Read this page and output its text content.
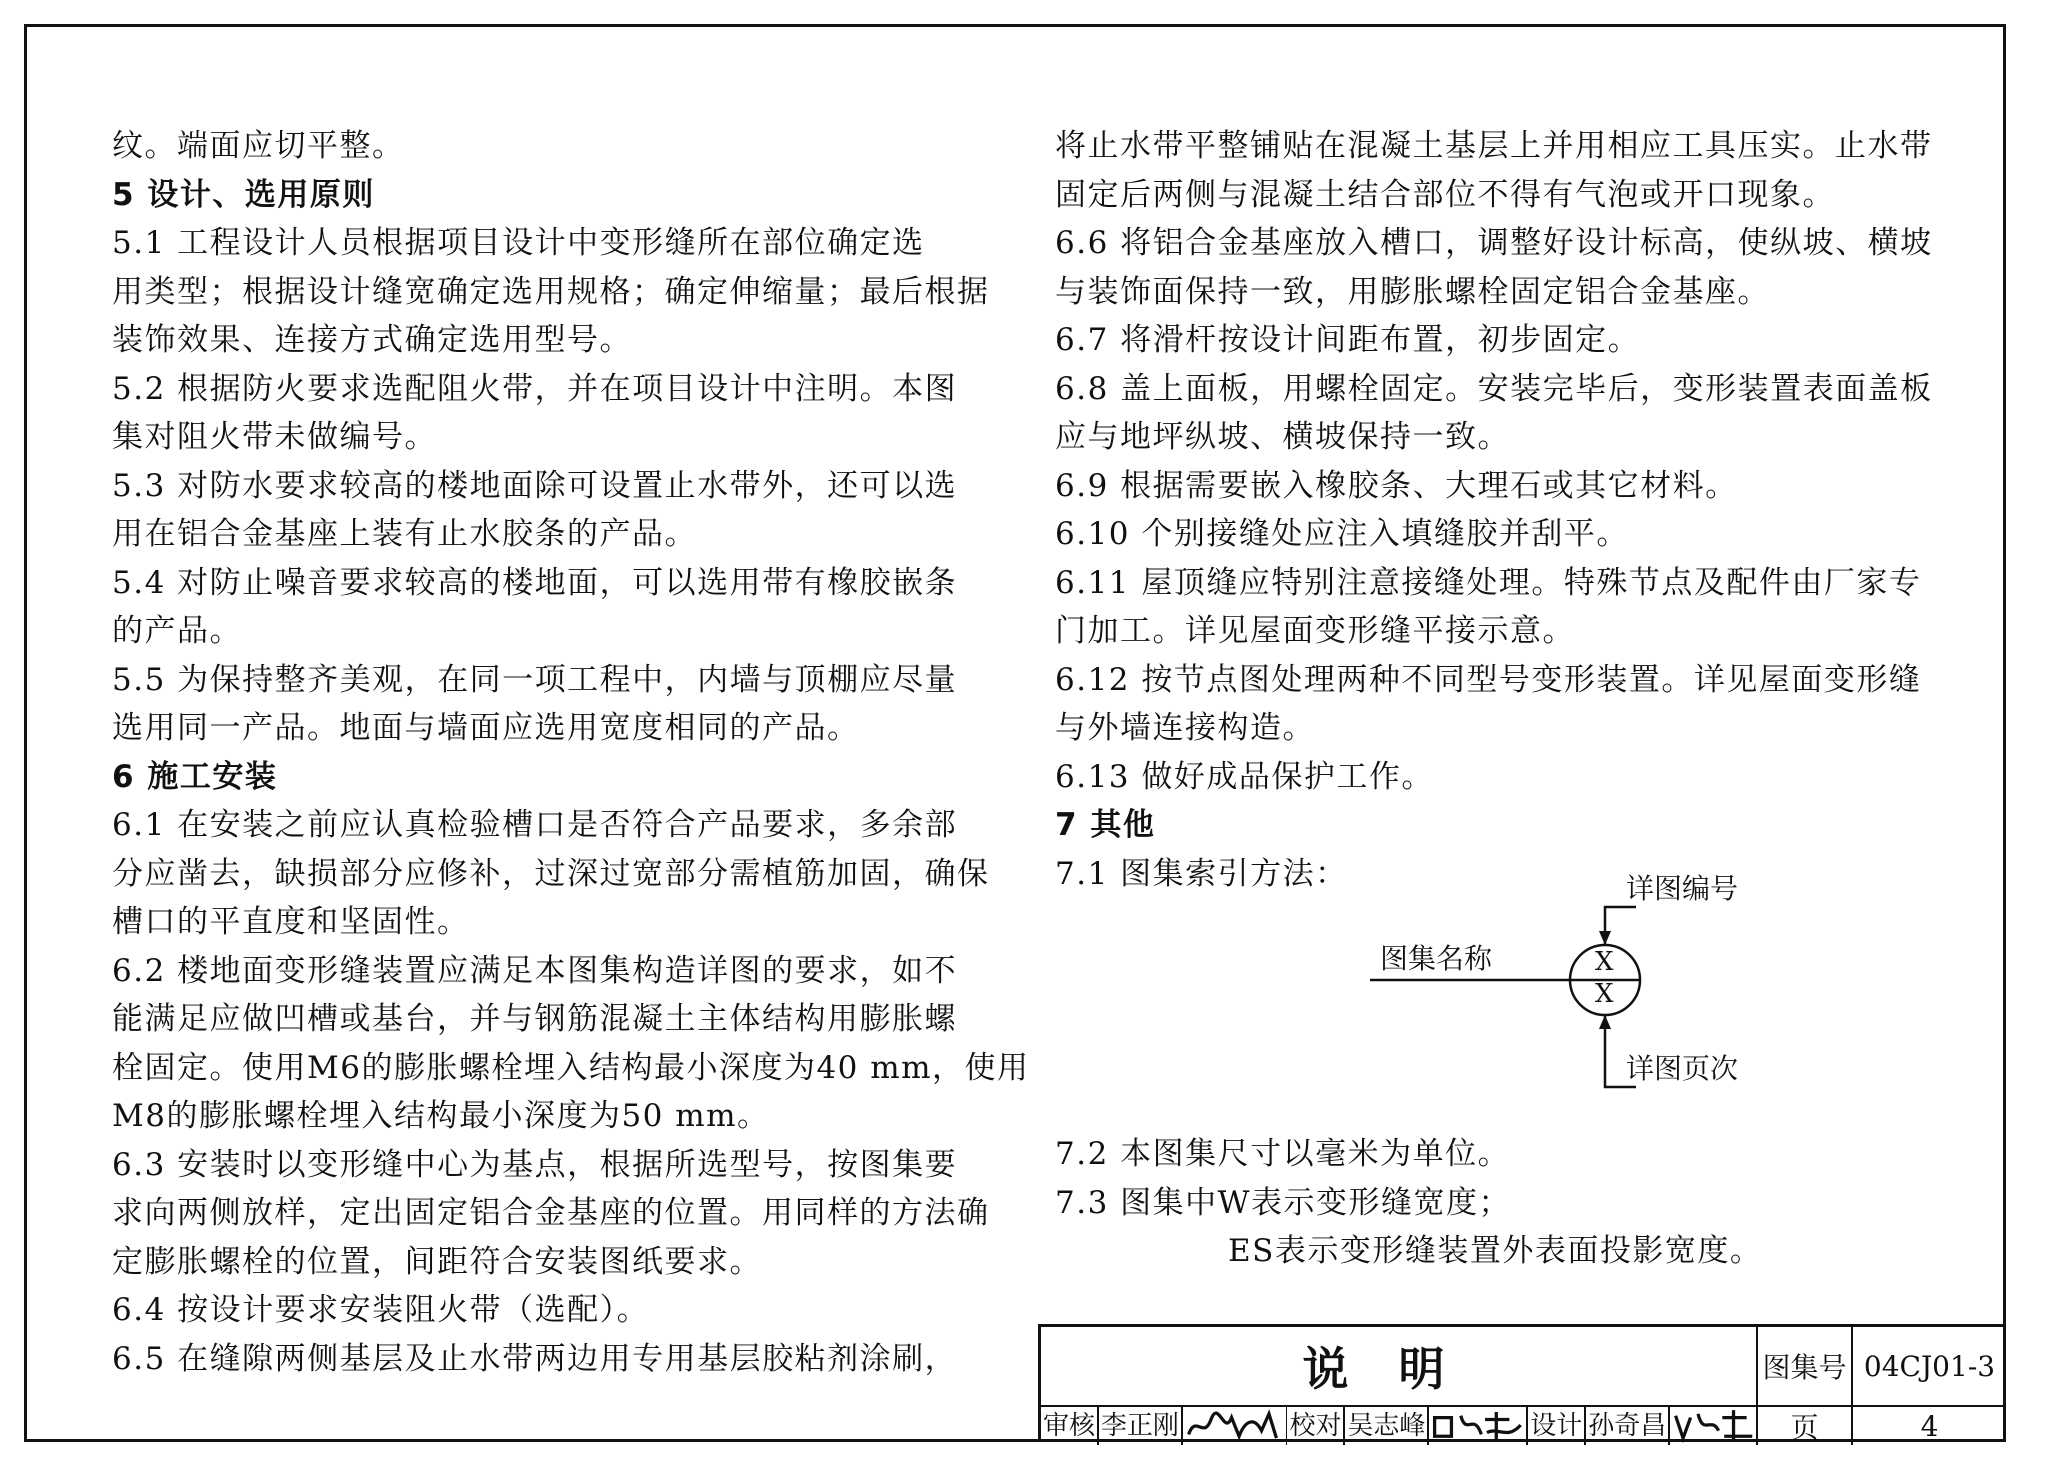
纹。端面应切平整。
5 设计、选用原则
5.1 工程设计人员根据项目设计中变形缝所在部位确定选
用类型；根据设计缝宽确定选用规格；确定伸缩量；最后根据
装饰效果、连接方式确定选用型号。
5.2 根据防火要求选配阻火带，并在项目设计中注明。本图
集对阻火带未做编号。
5.3 对防水要求较高的楼地面除可设置止水带外，还可以选
用在铝合金基座上装有止水胶条的产品。
5.4 对防止噪音要求较高的楼地面，可以选用带有橡胶嵌条
的产品。
5.5 为保持整齐美观，在同一项工程中，内墙与顶棚应尽量
选用同一产品。地面与墙面应选用宽度相同的产品。
6 施工安装
6.1 在安装之前应认真检验槽口是否符合产品要求，多余部
分应凿去，缺损部分应修补，过深过宽部分需植筋加固，确保
槽口的平直度和坚固性。
6.2 楼地面变形缝装置应满足本图集构造详图的要求，如不
能满足应做凹槽或基台，并与钢筋混凝土主体结构用膨胀螺
栓固定。使用M6的膨胀螺栓埋入结构最小深度为40 mm，使用
M8的膨胀螺栓埋入结构最小深度为50 mm。
6.3 安装时以变形缝中心为基点，根据所选型号，按图集要
求向两侧放样，定出固定铝合金基座的位置。用同样的方法确
定膨胀螺栓的位置，间距符合安装图纸要求。
6.4 按设计要求安装阻火带（选配）。
6.5 在缝隙两侧基层及止水带两边用专用基层胶粘剂涂刷，
将止水带平整铺贴在混凝土基层上并用相应工具压实。止水带
固定后两侧与混凝土结合部位不得有气泡或开口现象。
6.6 将铝合金基座放入槽口，调整好设计标高，使纵坡、横坡
与装饰面保持一致，用膨胀螺栓固定铝合金基座。
6.7 将滑杆按设计间距布置，初步固定。
6.8 盖上面板，用螺栓固定。安装完毕后，变形装置表面盖板
应与地坪纵坡、横坡保持一致。
6.9 根据需要嵌入橡胶条、大理石或其它材料。
6.10 个别接缝处应注入填缝胶并刮平。
6.11 屋顶缝应特别注意接缝处理。特殊节点及配件由厂家专
门加工。详见屋面变形缝平接示意。
6.12 按节点图处理两种不同型号变形装置。详见屋面变形缝
与外墙连接构造。
6.13 做好成品保护工作。
7 其他
7.1 图集索引方法：
7.2 本图集尺寸以毫米为单位。
7.3 图集中W表示变形缝宽度；
ES表示变形缝装置外表面投影宽度。
详图编号
图集名称
详图页次
X
X
说明	图集号 04CJ01-3
审核 李正刚	校对 吴志峰	设计 孙奇昌	页	4
